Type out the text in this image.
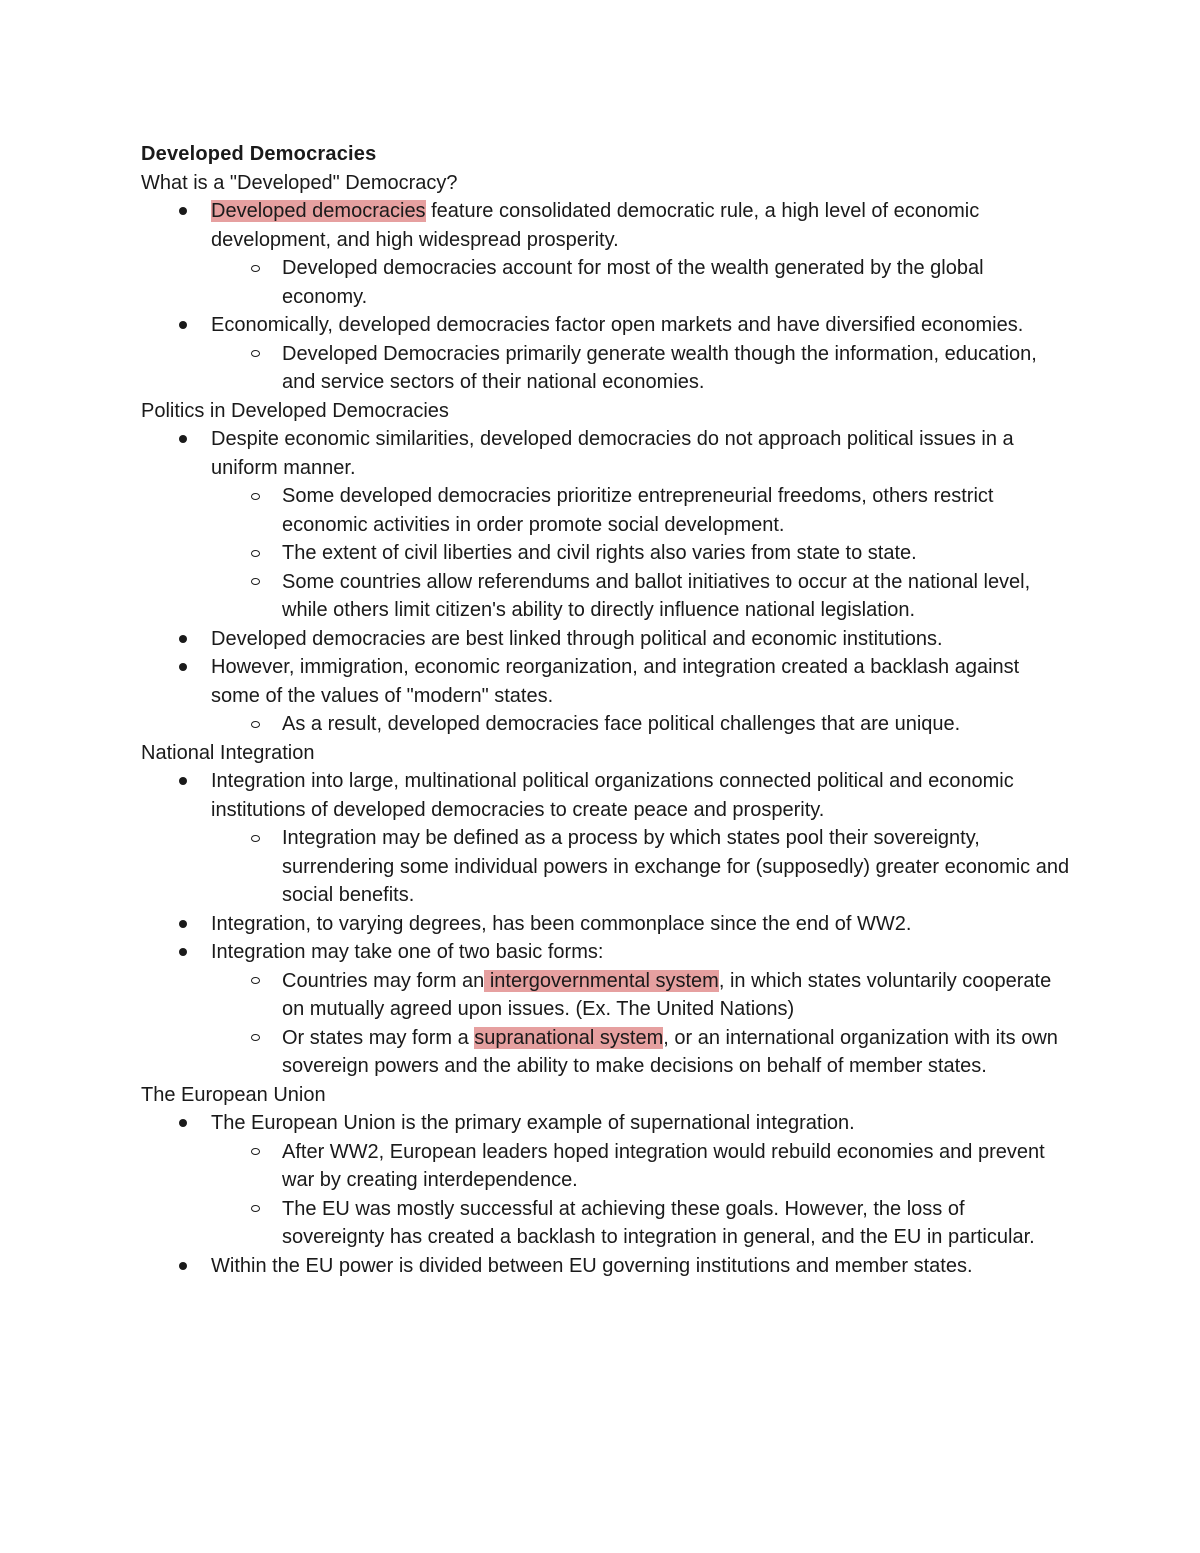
Developed Democracies
What is a "Developed" Democracy?
Developed democracies feature consolidated democratic rule, a high level of economic development, and high widespread prosperity.
Developed democracies account for most of the wealth generated by the global economy.
Economically, developed democracies factor open markets and have diversified economies.
Developed Democracies primarily generate wealth though the information, education, and service sectors of their national economies.
Politics in Developed Democracies
Despite economic similarities, developed democracies do not approach political issues in a uniform manner.
Some developed democracies prioritize entrepreneurial freedoms, others restrict economic activities in order promote social development.
The extent of civil liberties and civil rights also varies from state to state.
Some countries allow referendums and ballot initiatives to occur at the national level, while others limit citizen's ability to directly influence national legislation.
Developed democracies are best linked through political and economic institutions.
However, immigration, economic reorganization, and integration created a backlash against some of the values of "modern" states.
As a result, developed democracies face political challenges that are unique.
National Integration
Integration into large, multinational political organizations connected political and economic institutions of developed democracies to create peace and prosperity.
Integration may be defined as a process by which states pool their sovereignty, surrendering some individual powers in exchange for (supposedly) greater economic and social benefits.
Integration, to varying degrees, has been commonplace since the end of WW2.
Integration may take one of two basic forms:
Countries may form an intergovernmental system, in which states voluntarily cooperate on mutually agreed upon issues. (Ex. The United Nations)
Or states may form a supranational system, or an international organization with its own sovereign powers and the ability to make decisions on behalf of member states.
The European Union
The European Union is the primary example of supernational integration.
After WW2, European leaders hoped integration would rebuild economies and prevent war by creating interdependence.
The EU was mostly successful at achieving these goals. However, the loss of sovereignty has created a backlash to integration in general, and the EU in particular.
Within the EU power is divided between EU governing institutions and member states.
